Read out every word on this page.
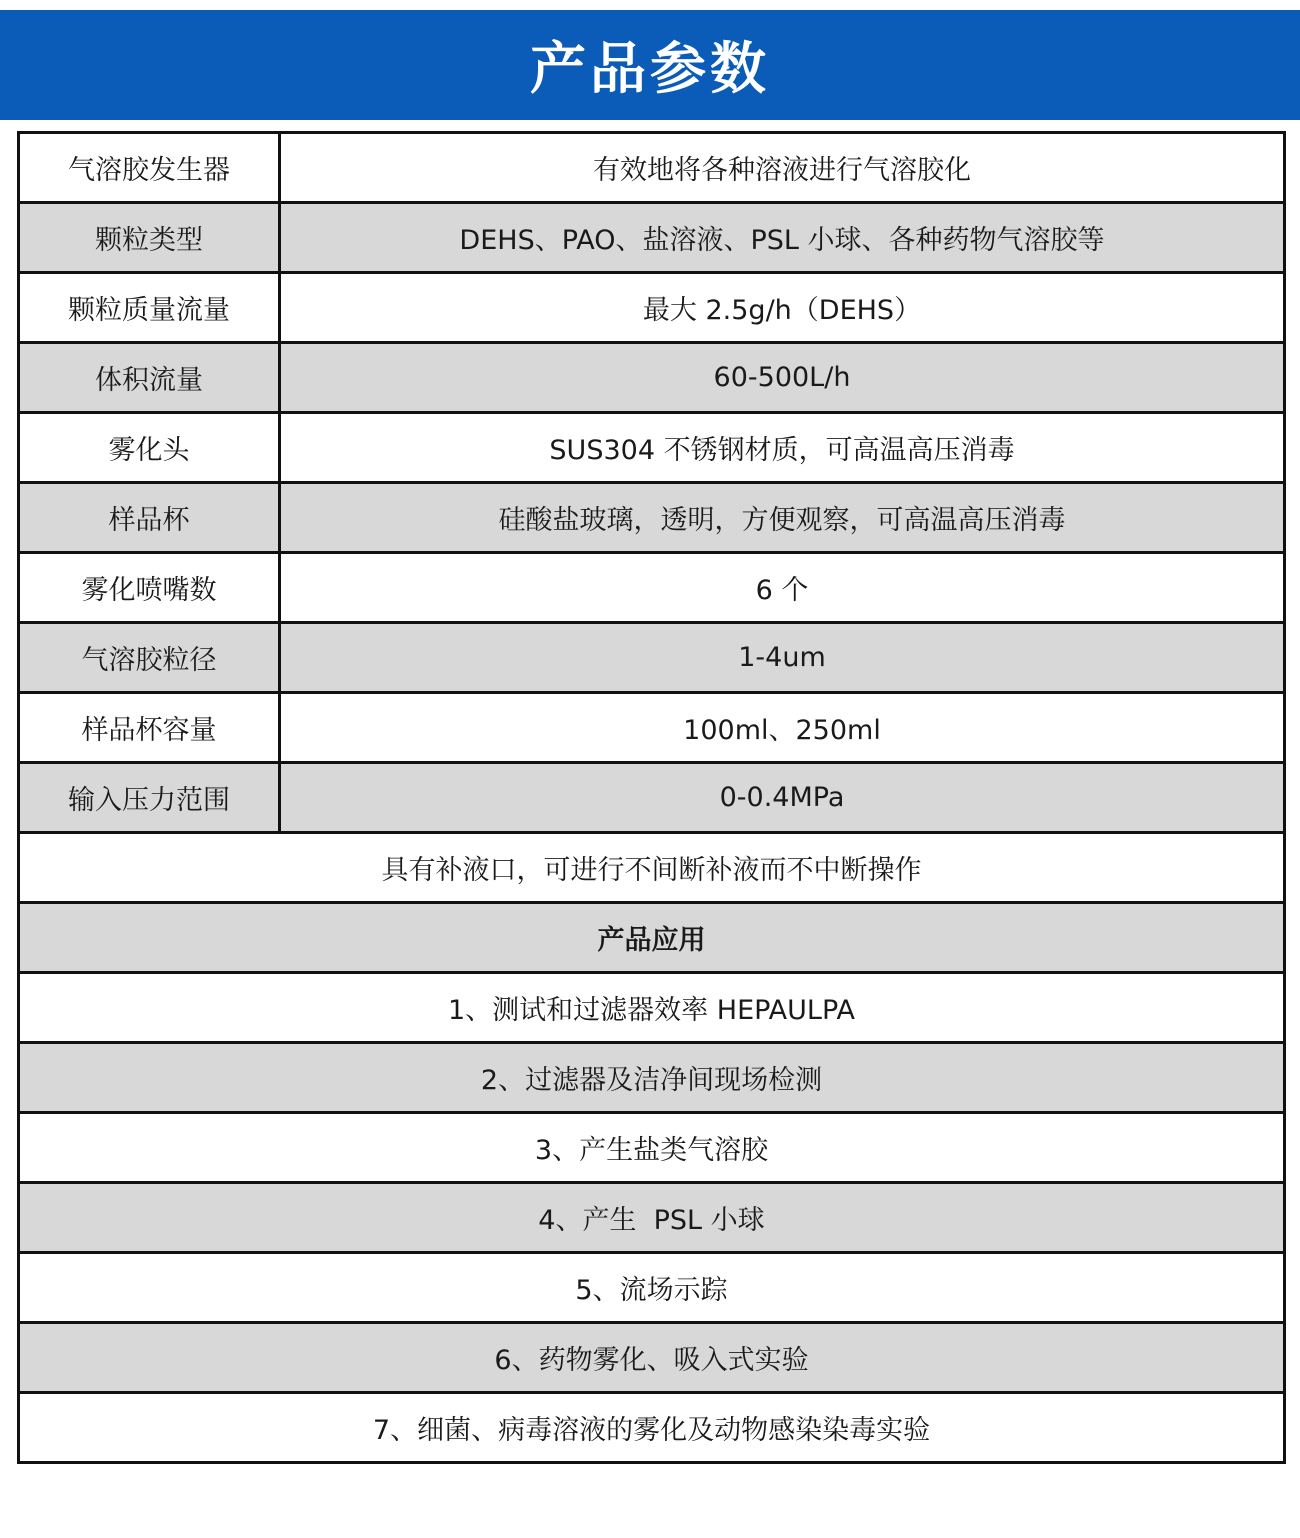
产品参数
气溶胶发生器	有效地将各种溶液进行气溶胶化
颗粒类型	DEHS、PAO、盐溶液、PSL 小球、各种药物气溶胶等
颗粒质量流量	最大 2.5g/h（DEHS）
体积流量	60-500L/h
雾化头	SUS304 不锈钢材质，可高温高压消毒
样品杯	硅酸盐玻璃，透明，方便观察，可高温高压消毒
雾化喷嘴数	6 个
气溶胶粒径	1-4um
样品杯容量	100ml、250ml
输入压力范围	0-0.4MPa
具有补液口，可进行不间断补液而不中断操作	
产品应用	
1、测试和过滤器效率 HEPAULPA	
2、过滤器及洁净间现场检测	
3、产生盐类气溶胶	
4、产生  PSL 小球	
5、流场示踪	
6、药物雾化、吸入式实验	
7、细菌、病毒溶液的雾化及动物感染染毒实验	
